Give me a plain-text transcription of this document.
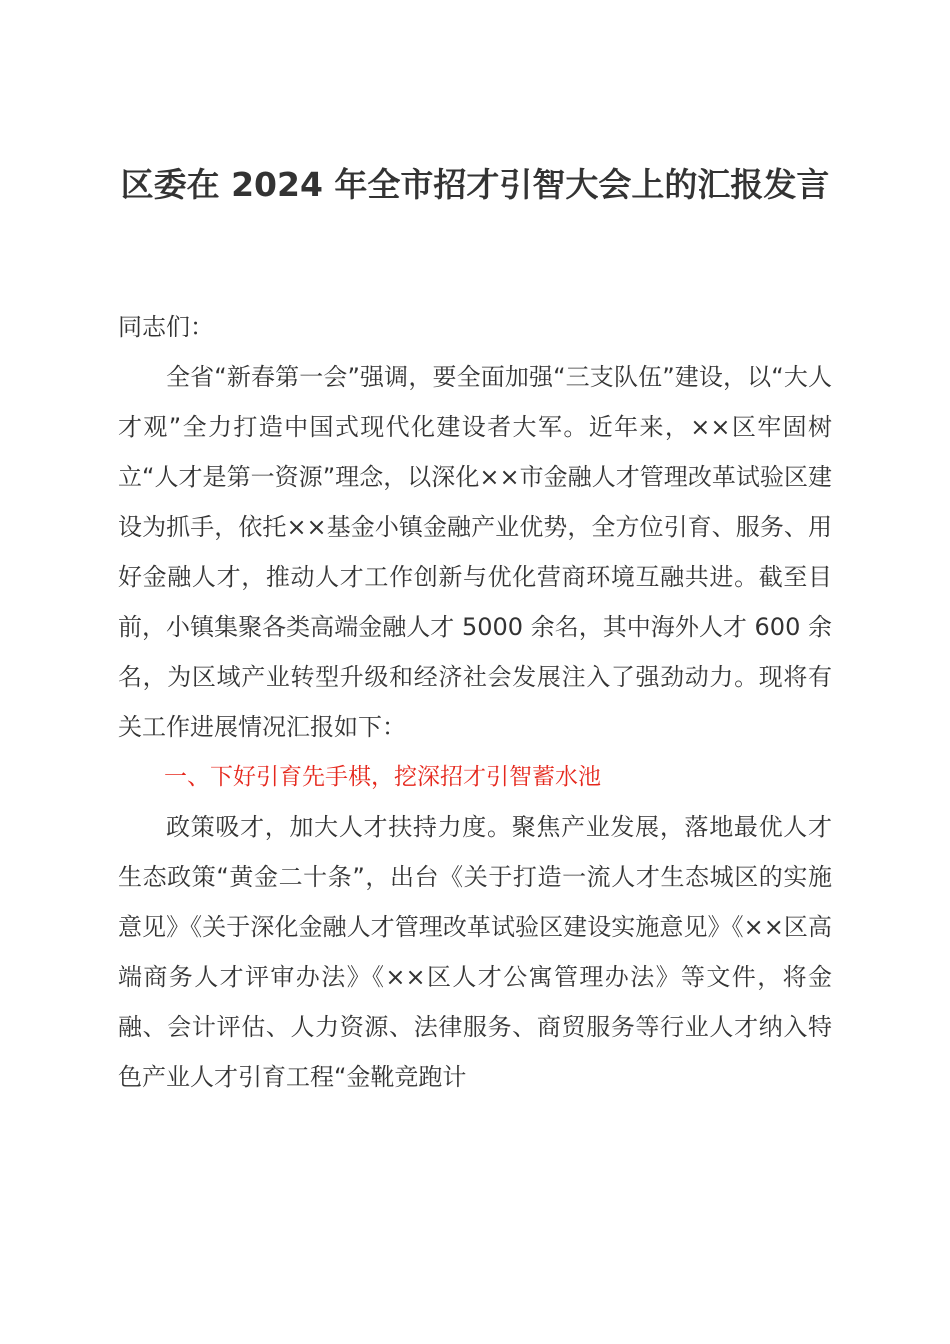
区委在 2024 年全市招才引智大会上的汇报发言

同志们：

全省“新春第一会”强调，要全面加强“三支队伍”建设，以“大人才观”全力打造中国式现代化建设者大军。近年来，××区牢固树立“人才是第一资源”理念，以深化××市金融人才管理改革试验区建设为抓手，依托××基金小镇金融产业优势，全方位引育、服务、用好金融人才，推动人才工作创新与优化营商环境互融共进。截至目前，小镇集聚各类高端金融人才 5000 余名，其中海外人才 600 余名，为区域产业转型升级和经济社会发展注入了强劲动力。现将有关工作进展情况汇报如下：

一、下好引育先手棋，挖深招才引智蓄水池

政策吸才，加大人才扶持力度。聚焦产业发展，落地最优人才生态政策“黄金二十条”，出台《关于打造一流人才生态城区的实施意见》《关于深化金融人才管理改革试验区建设实施意见》《××区高端商务人才评审办法》《××区人才公寓管理办法》等文件，将金融、会计评估、人力资源、法律服务、商贸服务等行业人才纳入特色产业人才引育工程“金靴竞跑计
